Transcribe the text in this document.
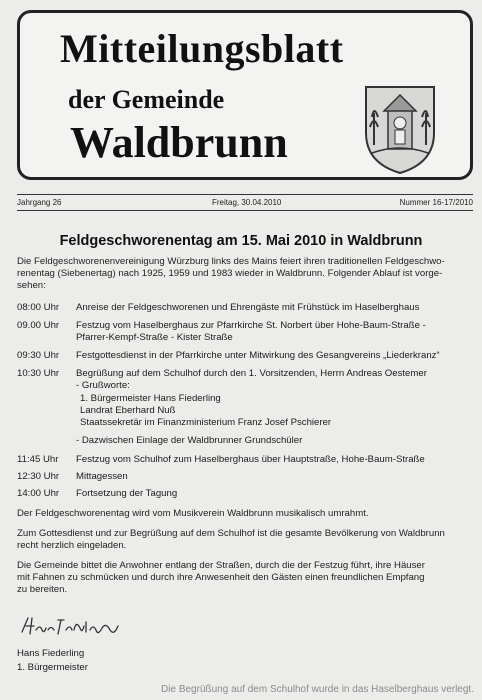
Mitteilungsblatt
der Gemeinde
Waldbrunn
Jahrgang 26	Freitag, 30.04.2010	Nummer 16-17/2010
Feldgeschworenentag am 15. Mai 2010 in Waldbrunn
Die Feldgeschworenenvereinigung Würzburg links des Mains feiert ihren traditionellen Feldgeschwo-
renentag (Siebenertag) nach 1925, 1959 und 1983 wieder in Waldbrunn. Folgender Ablauf ist vorge-
sehen:
08:00 Uhr Anreise der Feldgeschworenen und Ehrengäste mit Frühstück im Haselberghaus
09.00 Uhr Festzug vom Haselberghaus zur Pfarrkirche St. Norbert über Hohe-Baum-Straße -
Pfarrer-Kempf-Straße - Kister Straße
09:30 Uhr Festgottesdienst in der Pfarrkirche unter Mitwirkung des Gesangvereins „Liederkranz“
10:30 Uhr Begrüßung auf dem Schulhof durch den 1. Vorsitzenden, Herrn Andreas Oestemer
- Grußworte:
1. Bürgermeister Hans Fiederling
Landrat Eberhard Nuß
Staatssekretär im Finanzministerium Franz Josef Pschierer
- Dazwischen Einlage der Waldbrunner Grundschüler
11:45 Uhr Festzug vom Schulhof zum Haselberghaus über Hauptstraße, Hohe-Baum-Straße
12:30 Uhr Mittagessen
14:00 Uhr Fortsetzung der Tagung
Der Feldgeschworenentag wird vom Musikverein Waldbrunn musikalisch umrahmt.
Zum Gottesdienst und zur Begrüßung auf dem Schulhof ist die gesamte Bevölkerung von Waldbrunn
recht herzlich eingeladen.
Die Gemeinde bittet die Anwohner entlang der Straßen, durch die der Festzug führt, ihre Häuser
mit Fahnen zu schmücken und durch ihre Anwesenheit den Gästen einen freundlichen Empfang
zu bereiten.
Hans Fiederling
1. Bürgermeister
Die Begrüßung auf dem Schulhof wurde in das Haselberghaus verlegt.
